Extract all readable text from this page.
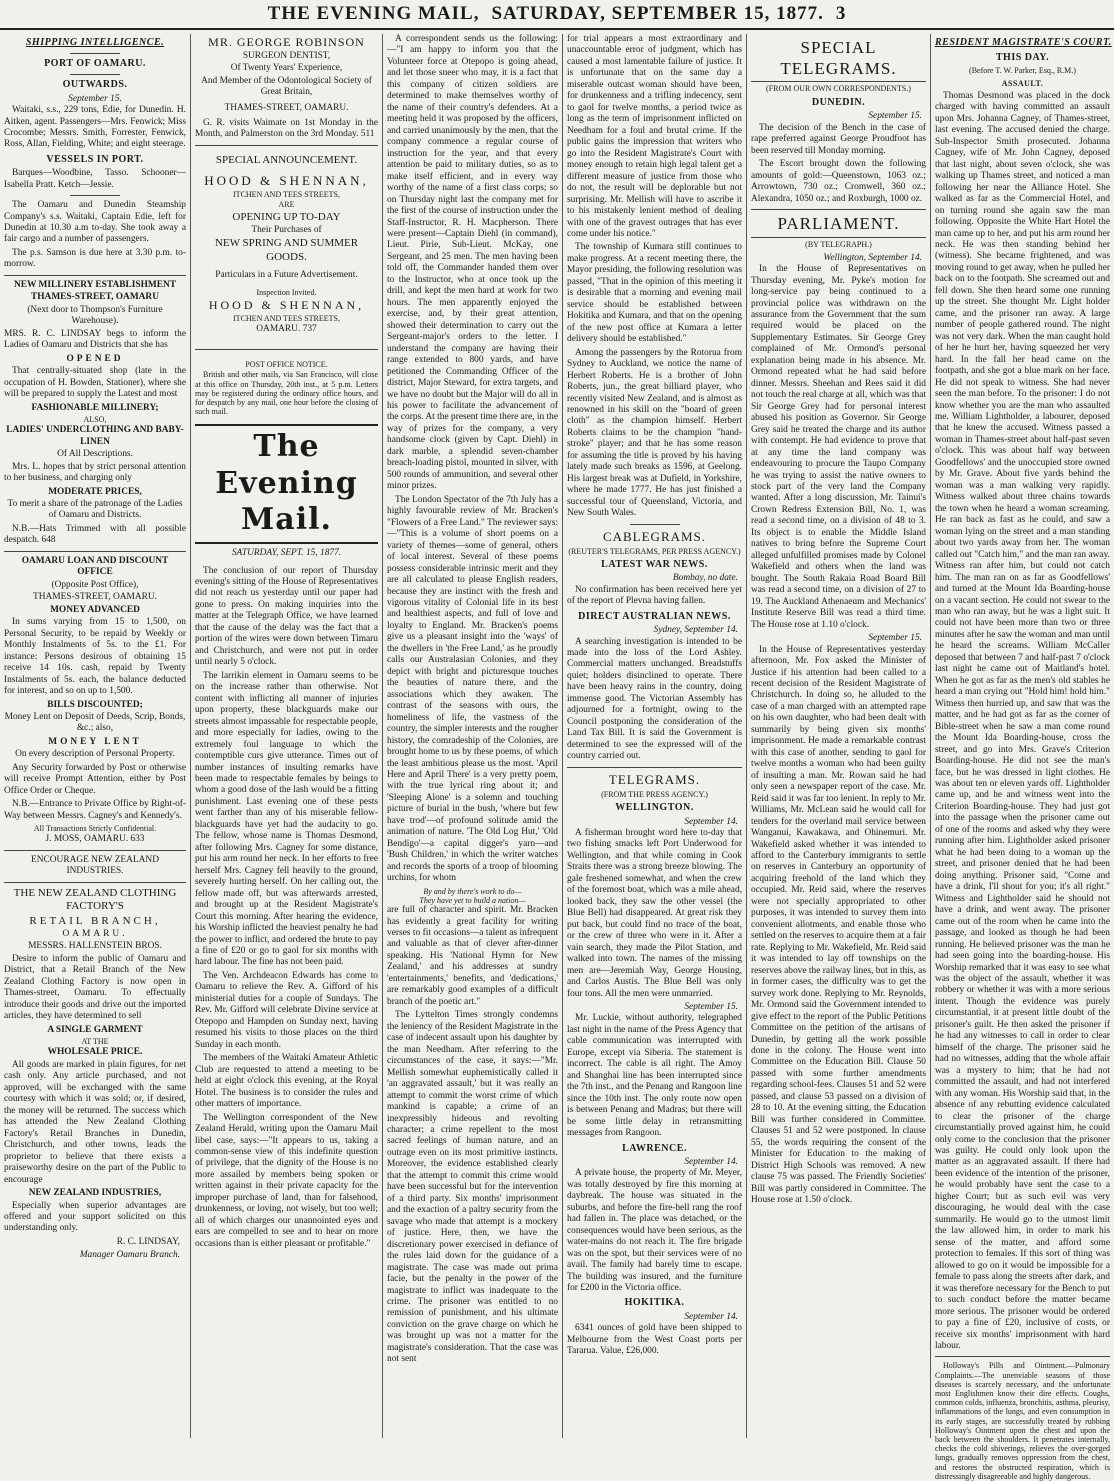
THE EVENING MAIL, SATURDAY, SEPTEMBER 15, 1877. 3
SHIPPING INTELLIGENCE.
PORT OF OAMARU.
OUTWARDS.
September 15.

Waitaki, s.s., 229 tons, Edie, for Dunedin. H. Aitken, agent. Passengers—Mrs. Fenwick; Miss Crocombe; Messrs. Smith, Forrester, Fenwick, Ross, Allan, Fielding, White; and eight steerage.

VESSELS IN PORT.

Barques—Woodbine, Tasso. Schooner—Isabella Pratt. Ketch—Jessie.

The Oamaru and Dunedin Steamship Company's s.s. Waitaki, Captain Edie, left for Dunedin at 10.30 a.m to-day. She took away a fair cargo and a number of passengers.

The p.s. Samson is due here at 3.30 p.m. to-morrow.

NEW MILLINERY ESTABLISHMENT
THAMES-STREET, OAMARU
(Next door to Thompson's Furniture Warehouse).

MRS. R. C. LINDSAY begs to inform the Ladies of Oamaru and Districts that she has

OPENED

That centrally-situated shop (late in the occupation of H. Bowden, Stationer), where she will be prepared to supply the Latest and most

FASHIONABLE MILLINERY;
ALSO,
LADIES' UNDERCLOTHING AND BABY-LINEN
Of All Descriptions.

Mrs. L. hopes that by strict personal attention to her business, and charging only

MODERATE PRICES,

To merit a share of the patronage of the Ladies of Oamaru and Districts.

N.B.—Hats Trimmed with all possible despatch. 648

OAMARU LOAN AND DISCOUNT OFFICE
(Opposite Post Office),
THAMES-STREET, OAMARU.
MONEY ADVANCED

In sums varying from 15 to 1,500, on Personal Security, to be repaid by Weekly or Monthly Instalments of 5s. to the £1. For instance: Persons desirous of obtaining 15 receive 14 10s. cash, repaid by Twenty Instalments of 5s. each, the balance deducted for interest, and so on up to 1,500.

BILLS DISCOUNTED;

Money Lent on Deposit of Deeds, Scrip, Bonds, &c.; also,

MONEY LENT

On every description of Personal Property.

Any Security forwarded by Post or otherwise will receive Prompt Attention, either by Post Office Order or Cheque.

N.B.—Entrance to Private Office by Right-of-Way between Messrs. Cagney's and Kennedy's.

All Transactions Strictly Confidential.
J. MOSS, OAMARU. 633
ENCOURAGE NEW ZEALAND INDUSTRIES.
THE NEW ZEALAND CLOTHING FACTORY'S
RETAIL BRANCH,
OAMARU.
MESSRS. HALLENSTEIN BROS.

Desire to inform the public of Oamaru and District, that a Retail Branch of the New Zealand Clothing Factory is now open in Thames-street, Oamaru. To effectually introduce their goods and drive out the imported articles, they have determined to sell

A SINGLE GARMENT
AT THE
WHOLESALE PRICE.

All goods are marked in plain figures, for net cash only. Any article purchased, and not approved, will be exchanged with the same courtesy with which it was sold; or, if desired, the money will be returned. The success which has attended the New Zealand Clothing Factory's Retail Branches in Dunedin, Christchurch, and other towns, leads the proprietor to believe that there exists a praiseworthy desire on the part of the Public to encourage

NEW ZEALAND INDUSTRIES,

Especially when superior advantages are offered and your support solicited on this understanding only.

R. C. LINDSAY,
Manager Oamaru Branch.
MR. GEORGE ROBINSON
SURGEON DENTIST,
Of Twenty Years' Experience,
And Member of the Odontological Society of Great Britain,
THAMES-STREET, OAMARU.

G. R. visits Waimate on 1st Monday in the Month, and Palmerston on the 3rd Monday. 511

SPECIAL ANNOUNCEMENT.
HOOD & SHENNAN,
ITCHEN AND TEES STREETS,
ARE
OPENING UP TO-DAY
Their Purchases of
NEW SPRING AND SUMMER GOODS.
Particulars in a Future Advertisement.
Inspection Invited.
HOOD & SHENNAN,
ITCHEN AND TEES STREETS,
OAMARU. 737
POST OFFICE NOTICE.

British and other mails, via San Francisco, will close at this office on Thursday, 20th inst., at 5 p.m. Letters may be registered during the ordinary office hours, and for despatch by any mail, one hour before the closing of such mail.

The Evening Mail.
SATURDAY, SEPT. 15, 1877.

The conclusion of our report of Thursday evening's sitting of the House of Representatives did not reach us yesterday until our paper had gone to press. On making inquiries into the matter at the Telegraph Office, we have learned that the cause of the delay was the fact that a portion of the wires were down between Timaru and Christchurch, and were not put in order until nearly 5 o'clock.

The larrikin element in Oamaru seems to be on the increase rather than otherwise. Not content with inflicting all manner of injuries upon property, these blackguards make our streets almost impassable for respectable people, and more especially for ladies, owing to the extremely foul language to which the contemptible curs give utterance. Times out of number instances of insulting remarks have been made to respectable females by beings to whom a good dose of the lash would be a fitting punishment. Last evening one of these pests went farther than any of his miserable fellow-blackguards have yet had the audacity to go. The fellow, whose name is Thomas Desmond, after following Mrs. Cagney for some distance, put his arm round her neck. In her efforts to free herself Mrs. Cagney fell heavily to the ground, severely hurting herself. On her calling out, the fellow made off, but was afterwards arrested, and brought up at the Resident Magistrate's Court this morning. After hearing the evidence, his Worship inflicted the heaviest penalty he had the power to inflict, and ordered the brute to pay a fine of £20 or go to gaol for six months with hard labour. The fine has not been paid.

The Ven. Archdeacon Edwards has come to Oamaru to relieve the Rev. A. Gifford of his ministerial duties for a couple of Sundays. The Rev. Mr. Gifford will celebrate Divine service at Otepopo and Hampden on Sunday next, having resumed his visits to those places on the third Sunday in each month.

The members of the Waitaki Amateur Athletic Club are requested to attend a meeting to be held at eight o'clock this evening, at the Royal Hotel. The business is to consider the rules and other matters of importance.

The Wellington correspondent of the New Zealand Herald, writing upon the Oamaru Mail libel case, says:—"It appears to us, taking a common-sense view of this indefinite question of privilege, that the dignity of the House is no more assailed by members being spoken or written against in their private capacity for the improper purchase of land, than for falsehood, drunkenness, or loving, not wisely, but too well; all of which charges our unannointed eyes and ears are compelled to see and to hear on more occasions than is either pleasant or profitable."

A correspondent sends us the following:—"I am happy to inform you that the Volunteer force at Otepopo is going ahead, and let those sneer who may, it is a fact that this company of citizen soldiers are determined to make themselves worthy of the name of their country's defenders. At a meeting held it was proposed by the officers, and carried unanimously by the men, that the company commence a regular course of instruction for the year, and that every attention be paid to military duties, so as to make itself efficient, and in every way worthy of the name of a first class corps; so on Thursday night last the company met for the first of the course of instruction under the Staff-Instructor, R. H. Macpherson. There were present—Captain Diehl (in command), Lieut. Pirie, Sub-Lieut. McKay, one Sergeant, and 25 men. The men having been told off, the Commander handed them over to the Instructor, who at once took up the drill, and kept the men hard at work for two hours. The men apparently enjoyed the exercise, and, by their great attention, showed their determination to carry out the Sergeant-major's orders to the letter. I understand the company are having their range extended to 800 yards, and have petitioned the Commanding Officer of the district, Major Steward, for extra targets, and we have no doubt but the Major will do all in his power to facilitate the advancement of the corps. At the present time there are, in the way of prizes for the company, a very handsome clock (given by Capt. Diehl) in dark marble, a splendid seven-chamber breach-loading pistol, mounted in silver, with 500 rounds of ammunition, and several other minor prizes.

The London Spectator of the 7th July has a highly favourable review of Mr. Bracken's "Flowers of a Free Land." The reviewer says:—"This is a volume of short poems on a variety of themes—some of general, others of local interest. Several of these poems possess considerable intrinsic merit and they are all calculated to please English readers, because they are instinct with the fresh and vigorous vitality of Colonial life in its best and healthiest aspects, and full of love and loyalty to England. Mr. Bracken's poems give us a pleasant insight into the 'ways' of the dwellers in 'the Free Land,' as he proudly calls our Australasian Colonies, and they depict with bright and picturesque touches the beauties of nature there, and the associations which they awaken. The contrast of the seasons with ours, the homeliness of life, the vastness of the country, the simpler interests and the rougher history, the comradeship of the Colonies, are brought home to us by these poems, of which the least ambitious please us the most. 'April Here and April There' is a very pretty poem, with the true lyrical ring about it; and 'Sleeping Alone' is a solemn and touching picture of burial in the bush, 'where but few have trod'—of profound solitude amid the animation of nature. 'The Old Log Hut,' 'Old Bendigo'—a capital digger's yarn—and 'Bush Children,' in which the writer watches and records the sports of a troop of blooming urchins, for whom

By and by there's work to do—
They have yet to build a nation—

are full of character and spirit. Mr. Bracken has evidently a great facility for writing verses to fit occasions—a talent as infrequent and valuable as that of clever after-dinner speaking. His 'National Hymn for New Zealand,' and his addresses at sundry 'entertainments,' benefits, and 'dedications,' are remarkably good examples of a difficult branch of the poetic art."

The Lyttelton Times strongly condemns the leniency of the Resident Magistrate in the case of indecent assault upon his daughter by the man Needham. After referring to the circumstances of the case, it says:—"Mr. Mellish somewhat euphemistically called it 'an aggravated assault,' but it was really an attempt to commit the worst crime of which mankind is capable; a crime of an inexpressibly hideous and revolting character; a crime repellent to the most sacred feelings of human nature, and an outrage even on its most primitive instincts. Moreover, the evidence established clearly that the attempt to commit this crime would have been successful but for the intervention of a third party. Six months' imprisonment and the exaction of a paltry security from the savage who made that attempt is a mockery of justice. Here, then, we have the discretionary power exercised in defiance of the rules laid down for the guidance of a magistrate. The case was made out prima facie, but the penalty in the power of the magistrate to inflict was inadequate to the crime. The prisoner was entitled to no remission of punishment, and his ultimate conviction on the grave charge on which he was brought up was not a matter for the magistrate's consideration. That the case was not sent

for trial appears a most extraordinary and unaccountable error of judgment, which has caused a most lamentable failure of justice. It is unfortunate that on the same day a miserable outcast woman should have been, for drunkenness and a trifling indecency, sent to gaol for twelve months, a period twice as long as the term of imprisonment inflicted on Needham for a foul and brutal crime. If the public gains the impression that writers who go into the Resident Magistrate's Court with money enough to retain high legal talent get a different measure of justice from those who do not, the result will be deplorable but not surprising. Mr. Mellish will have to ascribe it to his mistakenly lenient method of dealing with one of the gravest outrages that has ever come under his notice."

The township of Kumara still continues to make progress. At a recent meeting there, the Mayor presiding, the following resolution was passed, "That in the opinion of this meeting it is desirable that a morning and evening mail service should be established between Hokitika and Kumara, and that on the opening of the new post office at Kumara a letter delivery should be established."

Among the passengers by the Rotorua from Sydney to Auckland, we notice the name of Herbert Roberts. He is a brother of John Roberts, jun., the great billiard player, who recently visited New Zealand, and is almost as renowned in his skill on the "board of green cloth" as the champion himself. Herbert Roberts claims to be the champion "hand-stroke" player; and that he has some reason for assuming the title is proved by his having lately made such breaks as 1596, at Geelong. His largest break was at Dufield, in Yorkshire, where he made 1777. He has just finished a successful tour of Queensland, Victoria, and New South Wales.

CABLEGRAMS.
(REUTER'S TELEGRAMS, PER PRESS AGENCY.)
LATEST WAR NEWS.
Bombay, no date.

No confirmation has been received here yet of the report of Plevna having fallen.

DIRECT AUSTRALIAN NEWS.
Sydney, September 14.

A searching investigation is intended to be made into the loss of the Lord Ashley. Commercial matters unchanged. Breadstuffs quiet; holders disinclined to operate. There have been heavy rains in the country, doing immense good. The Victorian Assembly has adjourned for a fortnight, owing to the Council postponing the consideration of the Land Tax Bill. It is said the Government is determined to see the expressed will of the country carried out.

TELEGRAMS.
(FROM THE PRESS AGENCY.)
WELLINGTON.
September 14.

A fisherman brought word here to-day that two fishing smacks left Port Underwood for Wellington, and that while coming in Cook Straits there was a strong breeze blowing. The gale freshened somewhat, and when the crew of the foremost boat, which was a mile ahead, looked back, they saw the other vessel (the Blue Bell) had disappeared. At great risk they put back, but could find no trace of the boat, or the crew of three who were in it. After a vain search, they made the Pilot Station, and walked into town. The names of the missing men are—Jeremiah Way, George Housing, and Carlos Austis. The Blue Bell was only four tons. All the men were unmarried.

September 15.

Mr. Luckie, without authority, telegraphed last night in the name of the Press Agency that cable communication was interrupted with Europe, except via Siberia. The statement is incorrect. The cable is all right. The Amoy and Shanghai line has been interrupted since the 7th inst., and the Penang and Rangoon line since the 10th inst. The only route now open is between Penang and Madras; but there will be some little delay in retransmitting messages from Rangoon.

LAWRENCE.
September 14.

A private house, the property of Mr. Meyer, was totally destroyed by fire this morning at daybreak. The house was situated in the suburbs, and before the fire-bell rang the roof had fallen in. The place was detached, or the consequences would have been serious, as the water-mains do not reach it. The fire brigade was on the spot, but their services were of no avail. The family had barely time to escape. The building was insured, and the furniture for £200 in the Victoria office.

HOKITIKA.
September 14.

6341 ounces of gold have been shipped to Melbourne from the West Coast ports per Tararua. Value, £26,000.

SPECIAL TELEGRAMS.
(FROM OUR OWN CORRESPONDENTS.)
DUNEDIN.
September 15.

The decision of the Bench in the case of rape preferred against George Proudfoot has been reserved till Monday morning.

The Escort brought down the following amounts of gold:—Queenstown, 1063 oz.; Arrowtown, 730 oz.; Cromwell, 360 oz.; Alexandra, 1050 oz.; and Roxburgh, 1000 oz.

PARLIAMENT.
(BY TELEGRAPH.)
Wellington, September 14.

In the House of Representatives on Thursday evening, Mr. Pyke's motion for long-service pay being continued to a provincial police was withdrawn on the assurance from the Government that the sum required would be placed on the Supplementary Estimates. Sir George Grey complained of Mr. Ormond's personal explanation being made in his absence. Mr. Ormond repeated what he had said before dinner. Messrs. Sheehan and Rees said it did not touch the real charge at all, which was that Sir George Grey had for personal interest abused his position as Governor. Sir George Grey said he treated the charge and its author with contempt. He had evidence to prove that at any time the land company was endeavouring to procure the Taupo Company he was trying to assist the native owners to stock part of the very land the Company wanted. After a long discussion, Mr. Tainui's Crown Redress Extension Bill, No. 1, was read a second time, on a division of 48 to 3. Its object is to enable the Middle Island natives to bring before the Supreme Court alleged unfulfilled promises made by Colonel Wakefield and others when the land was bought. The South Rakaia Road Board Bill was read a second time, on a division of 27 to 19. The Auckland Athenaeum and Mechanics' Institute Reserve Bill was read a third time. The House rose at 1.10 o'clock.

September 15.

In the House of Representatives yesterday afternoon, Mr. Fox asked the Minister of Justice if his attention had been called to a recent decision of the Resident Magistrate of Christchurch. In doing so, he alluded to the case of a man charged with an attempted rape on his own daughter, who had been dealt with summarily by being given six months' imprisonment. He made a remarkable contrast with this case of another, sending to gaol for twelve months a woman who had been guilty of insulting a man. Mr. Rowan said he had only seen a newspaper report of the case. Mr. Reid said it was far too lenient. In reply to Mr. Williams, Mr. McLean said he would call for tenders for the overland mail service between Wanganui, Kawakawa, and Ohinemuri. Mr. Wakefield asked whether it was intended to afford to the Canterbury immigrants to settle on reserves in Canterbury an opportunity of acquiring freehold of the land which they occupied. Mr. Reid said, where the reserves were not specially appropriated to other purposes, it was intended to survey them into convenient allotments, and enable those who settled on the reserves to acquire them at a fair rate. Replying to Mr. Wakefield, Mr. Reid said it was intended to lay off townships on the reserves above the railway lines, but in this, as in former cases, the difficulty was to get the survey work done. Replying to Mr. Reynolds, Mr. Ormond said the Government intended to give effect to the report of the Public Petitions Committee on the petition of the artisans of Dunedin, by getting all the work possible done in the colony. The House went into Committee on the Education Bill. Clause 50 passed with some further amendments regarding school-fees. Clauses 51 and 52 were passed, and clause 53 passed on a division of 28 to 10. At the evening sitting, the Education Bill was further considered in Committee. Clauses 51 and 52 were postponed. In clause 55, the words requiring the consent of the Minister for Education to the making of District High Schools was removed. A new clause 75 was passed. The Friendly Societies' Bill was partly considered in Committee. The House rose at 1.50 o'clock.

RESIDENT MAGISTRATE'S COURT.
THIS DAY.
(Before T. W. Parker, Esq., R.M.)
ASSAULT.

Thomas Desmond was placed in the dock charged with having committed an assault upon Mrs. Johanna Cagney, of Thames-street, last evening. The accused denied the charge. Sub-Inspector Smith prosecuted. Johanna Cagney, wife of Mr. John Cagney, deposed that last night, about seven o'clock, she was walking up Thames street, and noticed a man following her near the Alliance Hotel. She walked as far as the Commercial Hotel, and on turning round she again saw the man following. Opposite the White Hart Hotel the man came up to her, and put his arm round her neck. He was then standing behind her (witness). She became frightened, and was moving round to get away, when he pulled her back on to the footpath. She screamed out and fell down. She then heard some one running up the street. She thought Mr. Light holder came, and the prisoner ran away. A large number of people gathered round. The night was not very dark. When the man caught hold of her he hurt her, having squeezed her very hard. In the fall her head came on the footpath, and she got a blue mark on her face. He did not speak to witness. She had never seen the man before. To the prisoner: I do not know whether you are the man who assaulted me. William Lightholder, a labourer, deposed that he knew the accused. Witness passed a woman in Thames-street about half-past seven o'clock. This was about half way between Goodfellows' and the unoccupied store owned by Mr. Grave. About five yards behind the woman was a man walking very rapidly. Witness walked about three chains towards the town when he heard a woman screaming. He ran back as fast as he could, and saw a woman lying on the street and a man standing about two yards away from her. The woman called out "Catch him," and the man ran away. Witness ran after him, but could not catch him. The man ran on as far as Goodfellows' and turned at the Mount Ida Boarding-house on a vacant section. He could not swear to the man who ran away, but he was a light suit. It could not have been more than two or three minutes after he saw the woman and man until he heard the screams. William McCaller deposed that between 7 and half-past 7 o'clock last night he came out of Maitland's hotel. When he got as far as the men's old stables he heard a man crying out "Hold him! hold him." Witness then hurried up, and saw that was the matter, and he had got as far as the corner of Bible-street when he saw a man come round the Mount Ida Boarding-house, cross the street, and go into Mrs. Grave's Criterion Boarding-house. He did not see the man's face, but he was dressed in light clothes. He was about ten or eleven yards off. Lightholder came up, and he and witness went into the Criterion Boarding-house. They had just got into the passage when the prisoner came out of one of the rooms and asked why they were running after him. Lightholder asked prisoner what he had been doing to a woman up the street, and prisoner denied that he had been doing anything. Prisoner said, "Come and have a drink, I'll shout for you; it's all right." Witness and Lightholder said he should not have a drink, and went away. The prisoner came out of the room when he came into the passage, and looked as though he had been running. He believed prisoner was the man he had seen going into the boarding-house. His Worship remarked that it was easy to see what was the object of the assault, whether it was robbery or whether it was with a more serious intent. Though the evidence was purely circumstantial, it at present little doubt of the prisoner's guilt. He then asked the prisoner if he had any witnesses to call in order to clear himself of the charge. The prisoner said he had no witnesses, adding that the whole affair was a mystery to him; that he had not committed the assault, and had not interfered with any woman. His Worship said that, in the absence of any rebutting evidence calculated to clear the prisoner of the charge circumstantially proved against him, he could only come to the conclusion that the prisoner was guilty. He could only look upon the matter as an aggravated assault. If there had been evidence of the intention of the prisoner, he would probably have sent the case to a higher Court; but as such evil was very discouraging, he would deal with the case summarily. He would go to the utmost limit the law allowed him, in order to mark his sense of the matter, and afford some protection to females. If this sort of thing was allowed to go on it would be impossible for a female to pass along the streets after dark, and it was therefore necessary for the Bench to put to such conduct before the matter became more serious. The prisoner would be ordered to pay a fine of £20, inclusive of costs, or receive six months' imprisonment with hard labour.

Holloway's Pills and Ointment.—Pulmonary Complaints.—The unenviable seasons of those diseases is scarcely necessary, and the unfortunate most Englishmen know their dire effects. Coughs, common colds, influenza, bronchitis, asthma, pleurisy, inflammations of the lungs, and even consumption in its early stages, are successfully treated by rubbing Holloway's Ointment upon the chest and upon the back between the shoulders. It penetrates internally, checks the cold shiverings, relieves the over-gorged lungs, gradually removes oppression from the chest, and restores the obstructed respiration, which is distressingly disagreeable and highly dangerous.
